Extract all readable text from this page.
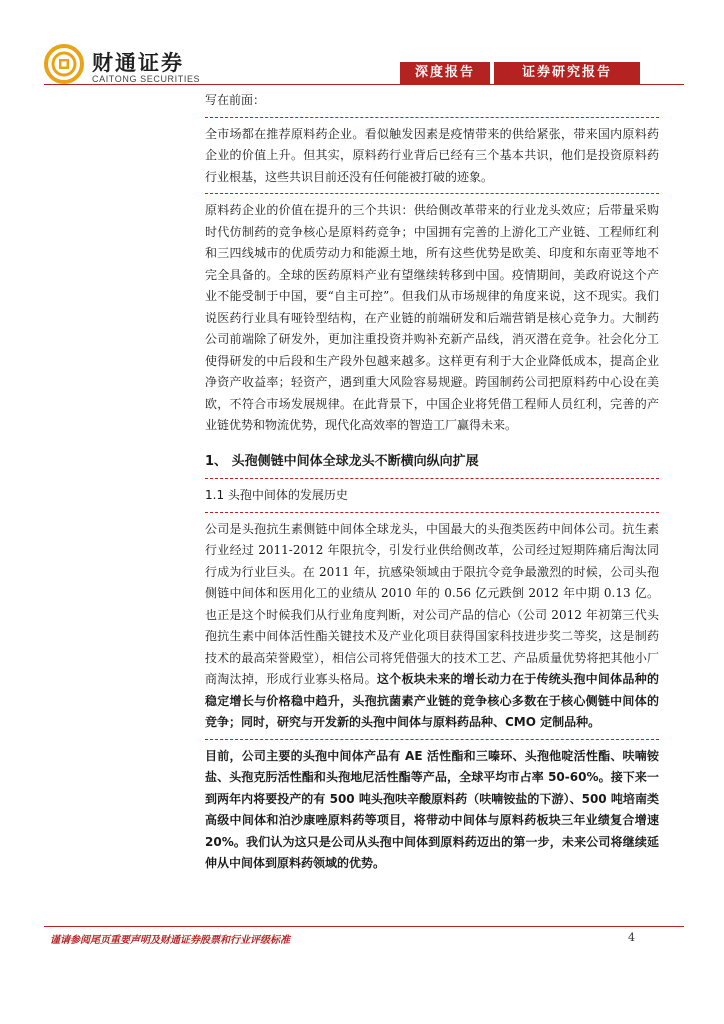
财通证券
CAITONG SECURITIES	深度报告	证券研究报告

写在前面：

全市场都在推荐原料药企业。看似触发因素是疫情带来的供给紧张，带来国内原料药企业的价值上升。但其实，原料药行业背后已经有三个基本共识，他们是投资原料药行业根基，这些共识目前还没有任何能被打破的迹象。

原料药企业的价值在提升的三个共识：供给侧改革带来的行业龙头效应；后带量采购时代仿制药的竞争核心是原料药竞争；中国拥有完善的上游化工产业链、工程师红利和三四线城市的优质劳动力和能源土地，所有这些优势是欧美、印度和东南亚等地不完全具备的。全球的医药原料产业有望继续转移到中国。疫情期间，美政府说这个产业不能受制于中国，要“自主可控”。但我们从市场规律的角度来说，这不现实。我们说医药行业具有哑铃型结构，在产业链的前端研发和后端营销是核心竞争力。大制药公司前端除了研发外，更加注重投资并购补充新产品线，消灭潜在竞争。社会化分工使得研发的中后段和生产段外包越来越多。这样更有利于大企业降低成本，提高企业净资产收益率；轻资产，遇到重大风险容易规避。跨国制药公司把原料药中心设在美欧，不符合市场发展规律。在此背景下，中国企业将凭借工程师人员红利，完善的产业链优势和物流优势，现代化高效率的智造工厂赢得未来。

1、 头孢侧链中间体全球龙头不断横向纵向扩展
1.1 头孢中间体的发展历史

公司是头孢抗生素侧链中间体全球龙头，中国最大的头孢类医药中间体公司。抗生素行业经过 2011-2012 年限抗令，引发行业供给侧改革，公司经过短期阵痛后淘汰同行成为行业巨头。在 2011 年，抗感染领域由于限抗令竞争最激烈的时候，公司头孢侧链中间体和医用化工的业绩从 2010 年的 0.56 亿元跌倒 2012 年中期 0.13 亿。也正是这个时候我们从行业角度判断，对公司产品的信心（公司 2012 年初第三代头孢抗生素中间体活性酯关键技术及产业化项目获得国家科技进步奖二等奖，这是制药技术的最高荣誉殿堂），相信公司将凭借强大的技术工艺、产品质量优势将把其他小厂商淘汰掉，形成行业寡头格局。这个板块未来的增长动力在于传统头孢中间体品种的稳定增长与价格稳中趋升，头孢抗菌素产业链的竞争核心多数在于核心侧链中间体的竞争；同时，研究与开发新的头孢中间体与原料药品种、CMO 定制品种。

目前，公司主要的头孢中间体产品有 AE 活性酯和三嗪环、头孢他啶活性酯、呋喃铵盐、头孢克肟活性酯和头孢地尼活性酯等产品，全球平均市占率 50-60%。接下来一到两年内将要投产的有 500 吨头孢呋辛酸原料药（呋喃铵盐的下游）、500 吨培南类高级中间体和泊沙康唑原料药等项目，将带动中间体与原料药板块三年业绩复合增速 20%。我们认为这只是公司从头孢中间体到原料药迈出的第一步，未来公司将继续延伸从中间体到原料药领域的优势。

谨请参阅尾页重要声明及财通证券股票和行业评级标准	4
